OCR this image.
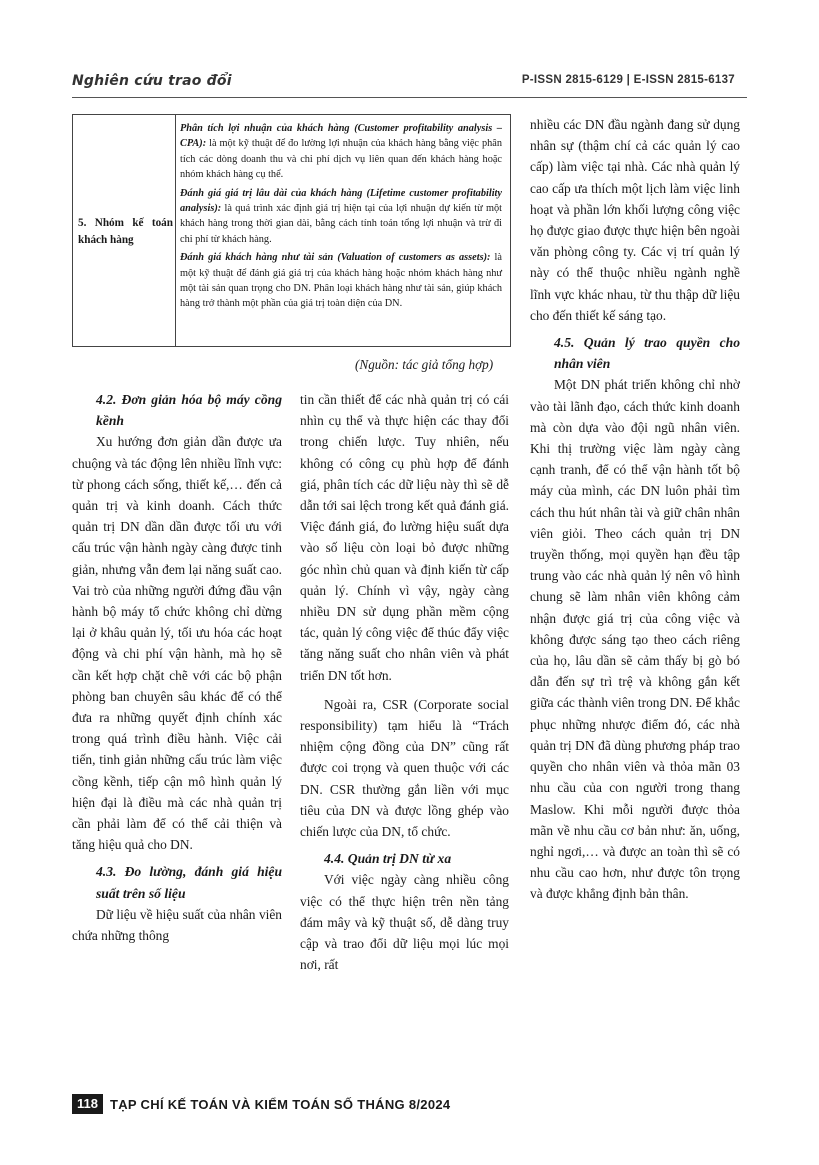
Nghiên cứu trao đổi	P-ISSN 2815-6129 | E-ISSN 2815-6137
5. Nhóm kế toán khách hàng

Phân tích lợi nhuận của khách hàng (Customer profitability analysis – CPA): là một kỹ thuật để đo lường lợi nhuận của khách hàng bằng việc phân tích các dòng doanh thu và chi phí dịch vụ liên quan đến khách hàng hoặc nhóm khách hàng cụ thể.

Đánh giá giá trị lâu dài của khách hàng (Lifetime customer profitability analysis): là quá trình xác định giá trị hiện tại của lợi nhuận dự kiến từ một khách hàng trong thời gian dài, bằng cách tính toán tổng lợi nhuận và trừ đi chi phí từ khách hàng.

Đánh giá khách hàng như tài sản (Valuation of customers as assets): là một kỹ thuật để đánh giá giá trị của khách hàng hoặc nhóm khách hàng như một tài sản quan trọng cho DN. Phân loại khách hàng như tài sản, giúp khách hàng trở thành một phần của giá trị toàn diện của DN.

(Nguồn: tác giả tổng hợp)
4.2. Đơn giản hóa bộ máy cồng kềnh

Xu hướng đơn giản dần được ưa chuộng và tác động lên nhiều lĩnh vực: từ phong cách sống, thiết kế,… đến cả quản trị và kinh doanh. Cách thức quản trị DN dần dần được tối ưu với cấu trúc vận hành ngày càng được tinh giản, nhưng vẫn đem lại năng suất cao. Vai trò của những người đứng đầu vận hành bộ máy tổ chức không chỉ dừng lại ở khâu quản lý, tối ưu hóa các hoạt động và chi phí vận hành, mà họ sẽ cần kết hợp chặt chẽ với các bộ phận phòng ban chuyên sâu khác để có thể đưa ra những quyết định chính xác trong quá trình điều hành. Việc cải tiến, tinh giản những cấu trúc làm việc cồng kềnh, tiếp cận mô hình quản lý hiện đại là điều mà các nhà quản trị cần phải làm để có thể cải thiện và tăng hiệu quả cho DN.

4.3. Đo lường, đánh giá hiệu suất trên số liệu

Dữ liệu về hiệu suất của nhân viên chứa những thông

tin cần thiết để các nhà quản trị có cái nhìn cụ thể và thực hiện các thay đổi trong chiến lược. Tuy nhiên, nếu không có công cụ phù hợp để đánh giá, phân tích các dữ liệu này thì sẽ dễ dẫn tới sai lệch trong kết quả đánh giá. Việc đánh giá, đo lường hiệu suất dựa vào số liệu còn loại bỏ được những góc nhìn chủ quan và định kiến từ cấp quản lý. Chính vì vậy, ngày càng nhiều DN sử dụng phần mềm cộng tác, quản lý công việc để thúc đẩy việc tăng năng suất cho nhân viên và phát triển DN tốt hơn.

Ngoài ra, CSR (Corporate social responsibility) tạm hiểu là “Trách nhiệm cộng đồng của DN” cũng rất được coi trọng và quen thuộc với các DN. CSR thường gắn liền với mục tiêu của DN và được lồng ghép vào chiến lược của DN, tổ chức.

4.4. Quản trị DN từ xa

Với việc ngày càng nhiều công việc có thể thực hiện trên nền tảng đám mây và kỹ thuật số, dễ dàng truy cập và trao đổi dữ liệu mọi lúc mọi nơi, rất

nhiều các DN đầu ngành đang sử dụng nhân sự (thậm chí cả các quản lý cao cấp) làm việc tại nhà. Các nhà quản lý cao cấp ưa thích một lịch làm việc linh hoạt và phần lớn khối lượng công việc họ được giao được thực hiện bên ngoài văn phòng công ty. Các vị trí quản lý này có thể thuộc nhiều ngành nghề lĩnh vực khác nhau, từ thu thập dữ liệu cho đến thiết kế sáng tạo.

4.5. Quản lý trao quyền cho nhân viên

Một DN phát triển không chỉ nhờ vào tài lãnh đạo, cách thức kinh doanh mà còn dựa vào đội ngũ nhân viên. Khi thị trường việc làm ngày càng cạnh tranh, để có thể vận hành tốt bộ máy của mình, các DN luôn phải tìm cách thu hút nhân tài và giữ chân nhân viên giỏi. Theo cách quản trị DN truyền thống, mọi quyền hạn đều tập trung vào các nhà quản lý nên vô hình chung sẽ làm nhân viên không cảm nhận được giá trị của công việc và không được sáng tạo theo cách riêng của họ, lâu dần sẽ cảm thấy bị gò bó dẫn đến sự trì trệ và không gắn kết giữa các thành viên trong DN. Để khắc phục những nhược điểm đó, các nhà quản trị DN đã dùng phương pháp trao quyền cho nhân viên và thỏa mãn 03 nhu cầu của con người trong thang Maslow. Khi mỗi người được thỏa mãn về nhu cầu cơ bản như: ăn, uống, nghỉ ngơi,… và được an toàn thì sẽ có nhu cầu cao hơn, như được tôn trọng và được khẳng định bản thân.

118 TẠP CHÍ KẾ TOÁN VÀ KIỂM TOÁN SỐ THÁNG 8/2024
